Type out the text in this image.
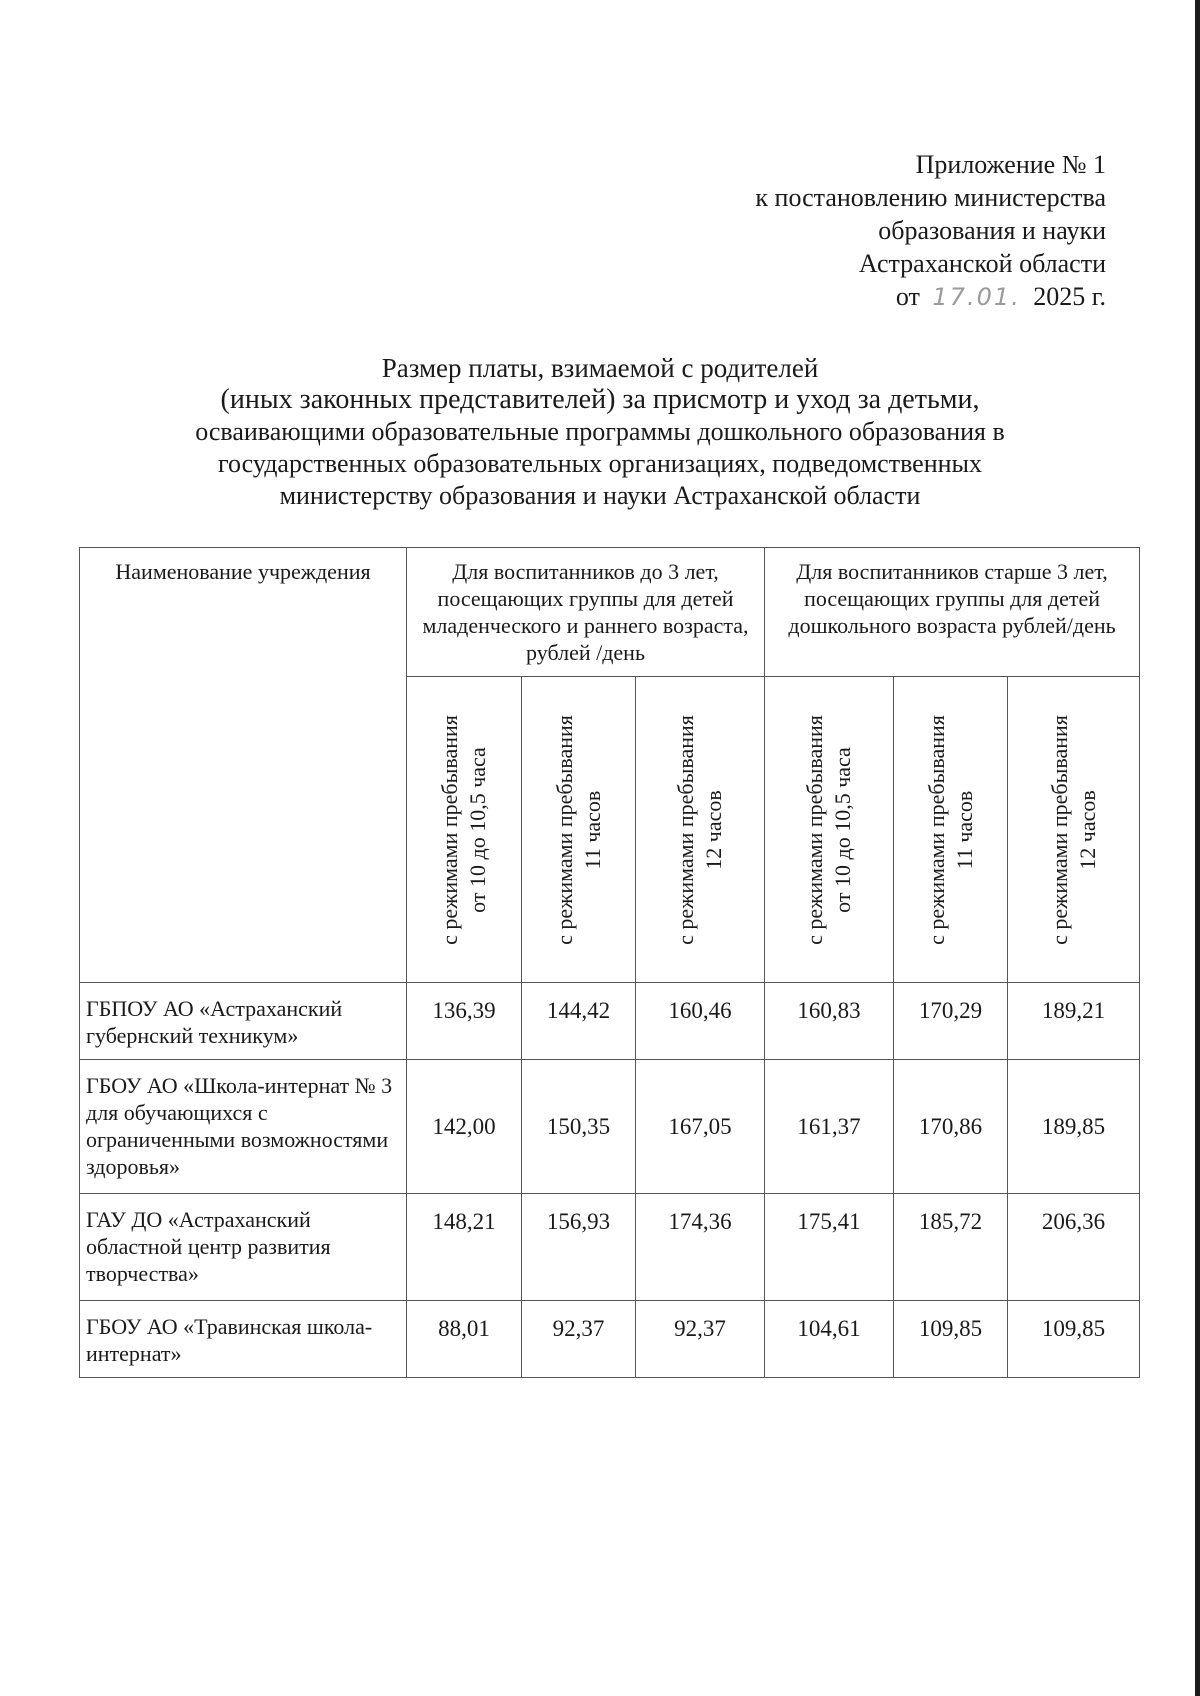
Приложение № 1
к постановлению министерства
образования и науки
Астраханской области
от 17.01. 2025 г.
Размер платы, взимаемой с родителей
(иных законных представителей) за присмотр и уход за детьми,
осваивающими образовательные программы дошкольного образования в
государственных образовательных организациях, подведомственных
министерству образования и науки Астраханской области
Наименование учреждения	Для воспитанников до 3 лет, посещающих группы для детей младенческого и раннего возраста, рублей /день			Для воспитанников старше 3 лет, посещающих группы для детей дошкольного возраста рублей/день		

	с режимами пребывания от 10 до 10,5 часа	с режимами пребывания 11 часов	с режимами пребывания 12 часов	с режимами пребывания от 10 до 10,5 часа	с режимами пребывания 11 часов	с режимами пребывания 12 часов

ГБПОУ АО «Астраханский губернский техникум»	136,39	144,42	160,46	160,83	170,29	189,21
ГБОУ АО «Школа-интернат № 3 для обучающихся с ограниченными возможностями здоровья»	142,00	150,35	167,05	161,37	170,86	189,85
ГАУ ДО «Астраханский областной центр развития творчества»	148,21	156,93	174,36	175,41	185,72	206,36
ГБОУ АО «Травинская школа-интернат»	88,01	92,37	92,37	104,61	109,85	109,85
